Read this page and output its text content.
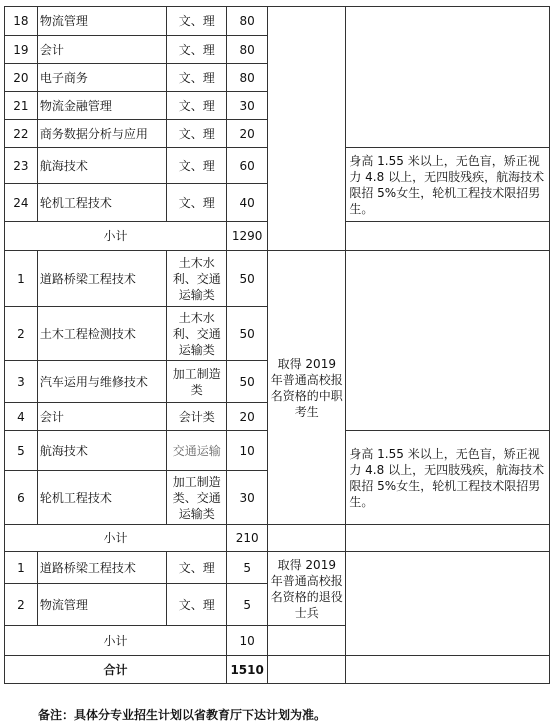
18	物流管理	文、理	80		
19	会计	文、理	80		
20	电子商务	文、理	80		
21	物流金融管理	文、理	30		
22	商务数据分析与应用	文、理	20		
23	航海技术	文、理	60		身高 1.55 米以上，无色盲，矫正视力 4.8 以上，无四肢残疾，航海技术限招 5%女生，轮机工程技术限招男生。
24	轮机工程技术	文、理	40		
小计			1290		
1	道路桥梁工程技术	土木水利、交通运输类	50	取得 2019 年普通高校报名资格的中职考生	
2	土木工程检测技术	土木水利、交通运输类	50		
3	汽车运用与维修技术	加工制造类	50		
4	会计	会计类	20		
5	航海技术	交通运输	10		身高 1.55 米以上，无色盲，矫正视力 4.8 以上，无四肢残疾，航海技术限招 5%女生，轮机工程技术限招男生。
6	轮机工程技术	加工制造类、交通运输类	30		
小计			210		
1	道路桥梁工程技术	文、理	5	取得 2019 年普通高校报名资格的退役士兵	
2	物流管理	文、理	5		
小计			10		
合计			1510		
备注：具体分专业招生计划以省教育厅下达计划为准。
